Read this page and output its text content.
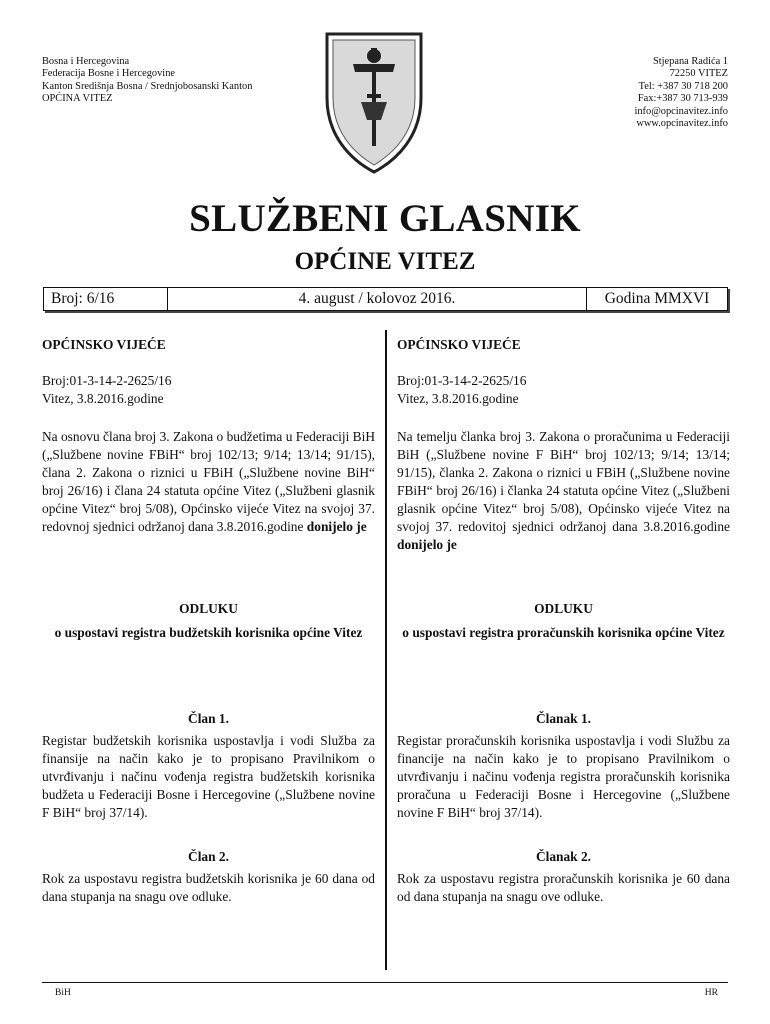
Bosna i Hercegovina
Federacija Bosne i Hercegovine
Kanton Središnja Bosna / Srednjobosanski Kanton
OPĆINA VITEZ
Stjepana Radića 1
72250 VITEZ
Tel: +387 30 718 200
Fax:+387 30 713-939
info@opcinavitez.info
www.opcinavitez.info
SLUŽBENI GLASNIK
OPĆINE VITEZ
Broj: 6/16	4. august / kolovoz 2016.	Godina MMXVI
OPĆINSKO VIJEĆE
Broj:01-3-14-2-2625/16
Vitez, 3.8.2016.godine
Na osnovu člana broj 3. Zakona o budžetima u Federaciji BiH („Službene novine FBiH“ broj 102/13; 9/14; 13/14; 91/15), člana 2. Zakona o riznici u FBiH („Službene novine BiH“ broj 26/16) i člana 24 statuta općine Vitez („Službeni glasnik općine Vitez“ broj 5/08), Općinsko vijeće Vitez na svojoj 37. redovnoj sjednici održanoj dana 3.8.2016.godine donijelo je
ODLUKU
o uspostavi registra budžetskih korisnika općine Vitez
Član 1.
Registar budžetskih korisnika uspostavlja i vodi Služba za finansije na način kako je to propisano Pravilnikom o utvrđivanju i načinu vođenja registra budžetskih korisnika budžeta u Federaciji Bosne i Hercegovine („Službene novine F BiH“ broj 37/14).
Član 2.
Rok za uspostavu registra budžetskih korisnika je 60 dana od dana stupanja na snagu ove odluke.
OPĆINSKO VIJEĆE
Broj:01-3-14-2-2625/16
Vitez, 3.8.2016.godine
Na temelju članka broj 3. Zakona o proračunima u Federaciji BiH („Službene novine F BiH“ broj 102/13; 9/14; 13/14; 91/15), članka 2. Zakona o riznici u FBiH („Službene novine FBiH“ broj 26/16) i članka 24 statuta općine Vitez („Službeni glasnik općine Vitez“ broj 5/08), Općinsko vijeće Vitez na svojoj 37. redovitoj sjednici održanoj dana 3.8.2016.godine donijelo je
ODLUKU
o uspostavi registra proračunskih korisnika općine Vitez
Članak 1.
Registar proračunskih korisnika uspostavlja i vodi Službu za financije na način kako je to propisano Pravilnikom o utvrđivanju i načinu vođenja registra proračunskih korisnika proračuna u Federaciji Bosne i Hercegovine („Službene novine F BiH“ broj 37/14).
Članak 2.
Rok za uspostavu registra proračunskih korisnika je 60 dana od dana stupanja na snagu ove odluke.
BiH	HR
